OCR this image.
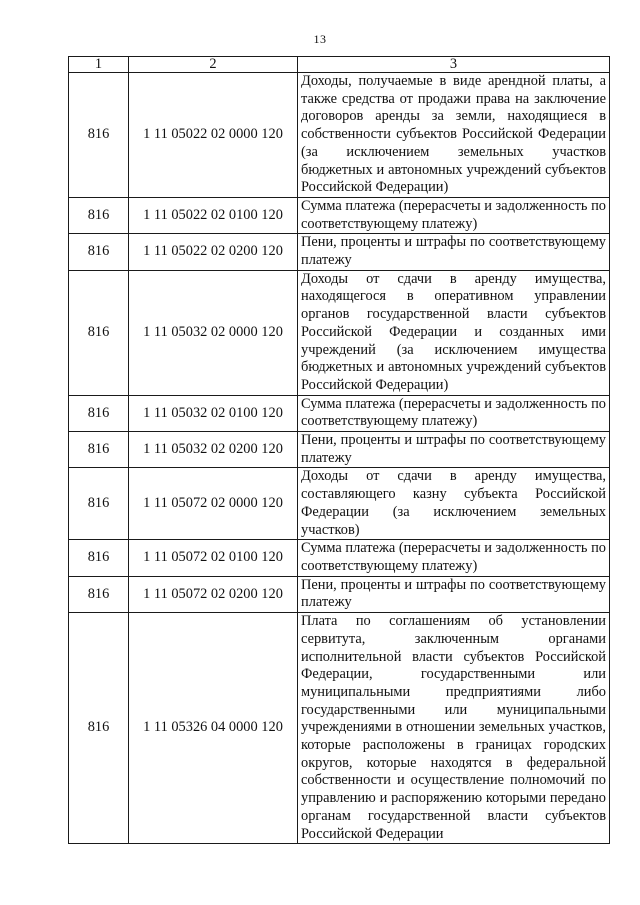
13
1	2	3
816	1 11 05022 02 0000 120	Доходы, получаемые в виде арендной платы, а также средства от продажи права на заключение договоров аренды за земли, находящиеся в собственности субъектов Российской Федерации (за исключением земельных участков бюджетных и автономных учреждений субъектов Российской Федерации)
816	1 11 05022 02 0100 120	Сумма платежа (перерасчеты и задолженность по соответствующему платежу)
816	1 11 05022 02 0200 120	Пени, проценты и штрафы по соответствующему платежу
816	1 11 05032 02 0000 120	Доходы от сдачи в аренду имущества, находящегося в оперативном управлении органов государственной власти субъектов Российской Федерации и созданных ими учреждений (за исключением имущества бюджетных и автономных учреждений субъектов Российской Федерации)
816	1 11 05032 02 0100 120	Сумма платежа (перерасчеты и задолженность по соответствующему платежу)
816	1 11 05032 02 0200 120	Пени, проценты и штрафы по соответствующему платежу
816	1 11 05072 02 0000 120	Доходы от сдачи в аренду имущества, составляющего казну субъекта Российской Федерации (за исключением земельных участков)
816	1 11 05072 02 0100 120	Сумма платежа (перерасчеты и задолженность по соответствующему платежу)
816	1 11 05072 02 0200 120	Пени, проценты и штрафы по соответствующему платежу
816	1 11 05326 04 0000 120	Плата по соглашениям об установлении сервитута, заключенным органами исполнительной власти субъектов Российской Федерации, государственными или муниципальными предприятиями либо государственными или муниципальными учреждениями в отношении земельных участков, которые расположены в границах городских округов, которые находятся в федеральной собственности и осуществление полномочий по управлению и распоряжению которыми передано органам государственной власти субъектов Российской Федерации
